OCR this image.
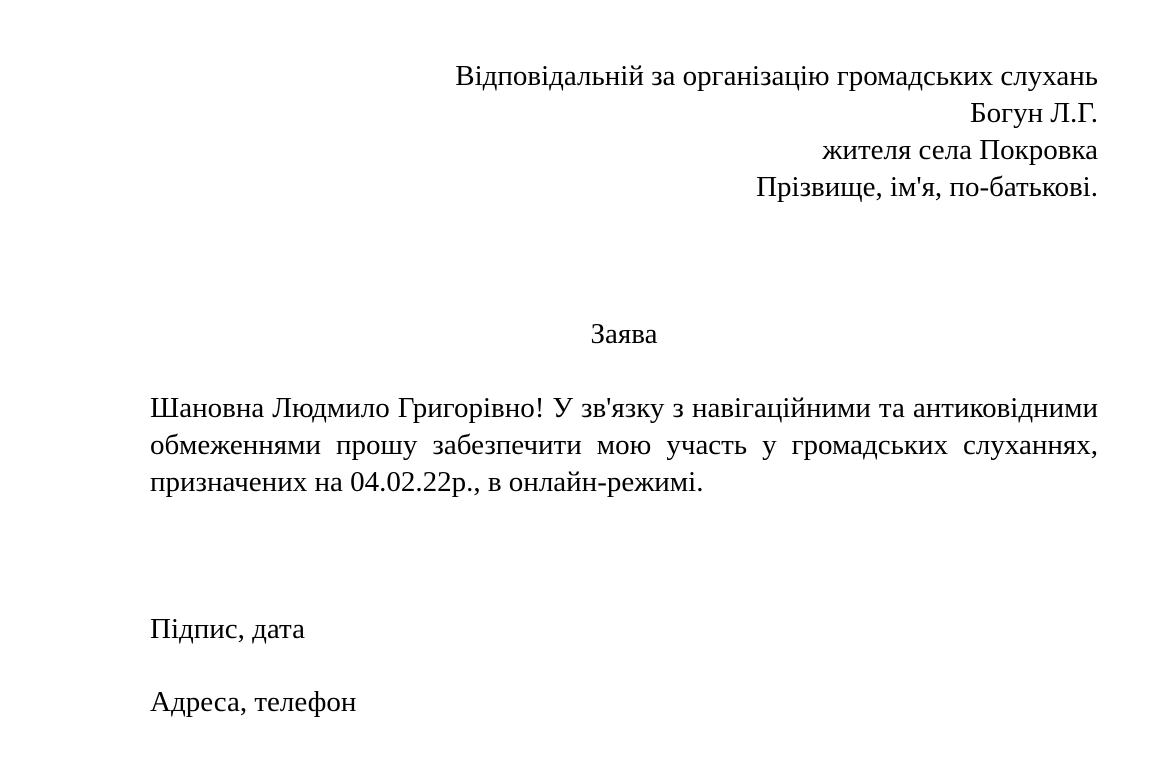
Відповідальній за організацію громадських слухань
Богун Л.Г.
жителя села Покровка
Прізвище, ім'я, по-батькові.
Заява
Шановна Людмило Григорівно! У зв'язку з навігаційними та антиковідними обмеженнями прошу забезпечити мою участь у громадських слуханнях, призначених на 04.02.22р., в онлайн-режимі.
Підпис, дата
Адреса, телефон
